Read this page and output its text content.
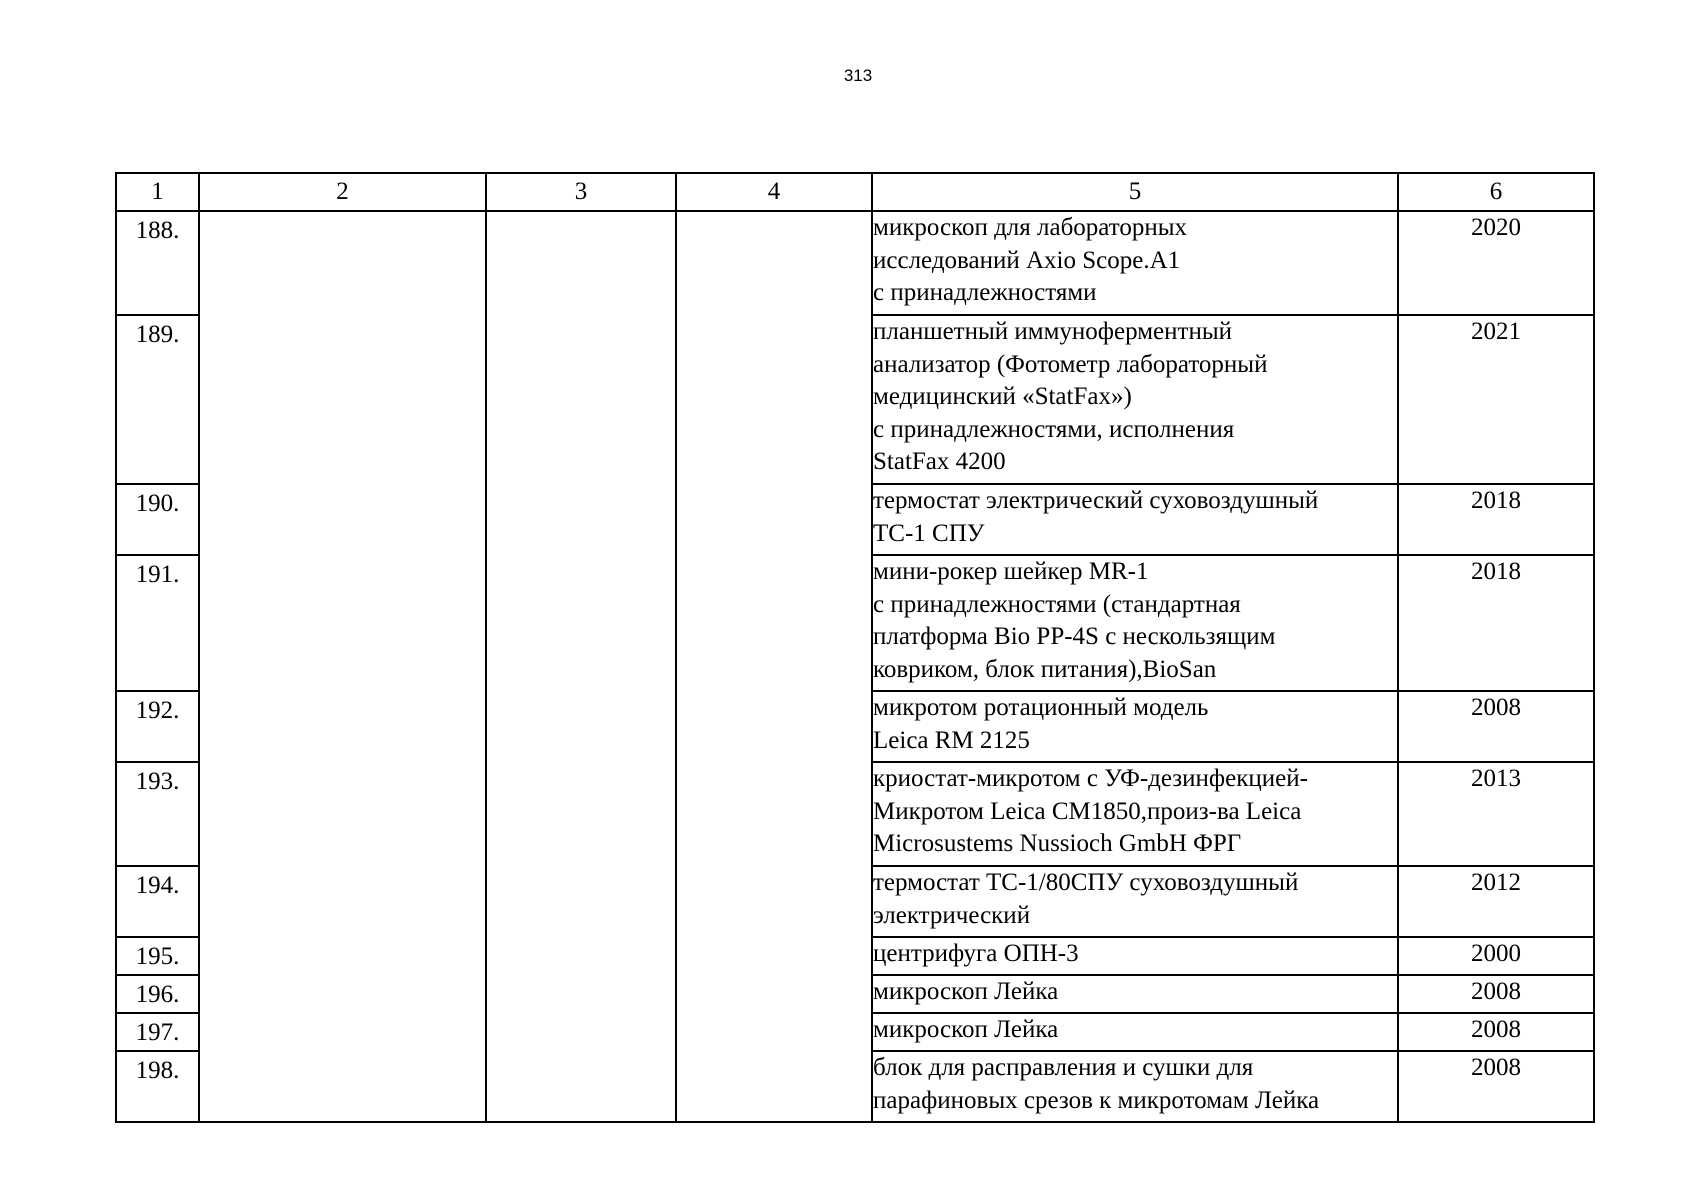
313
1	2	3	4	5	6
188.				микроскоп для лабораторных
исследований Axio Scope.A1
с принадлежностями	2020
189.				планшетный иммуноферментный
анализатор (Фотометр лабораторный
медицинский «StatFax»)
с принадлежностями, исполнения
StatFax 4200	2021
190.				термостат электрический суховоздушный
ТС-1 СПУ	2018
191.				мини-рокер шейкер MR-1
с принадлежностями (стандартная
платформа Bio PP-4S с нескользящим
ковриком, блок питания),BioSan	2018
192.				микротом ротационный модель
Leica RM 2125	2008
193.				криостат-микротом с УФ-дезинфекцией-
Микротом Leica CM1850,произ-ва Leica
Microsustems Nussioch GmbH ФРГ	2013
194.				термостат ТС-1/80СПУ суховоздушный
электрический	2012
195.				центрифуга ОПН-3	2000
196.				микроскоп Лейка	2008
197.				микроскоп Лейка	2008
198.				блок для расправления и сушки для
парафиновых срезов к микротомам Лейка	2008
